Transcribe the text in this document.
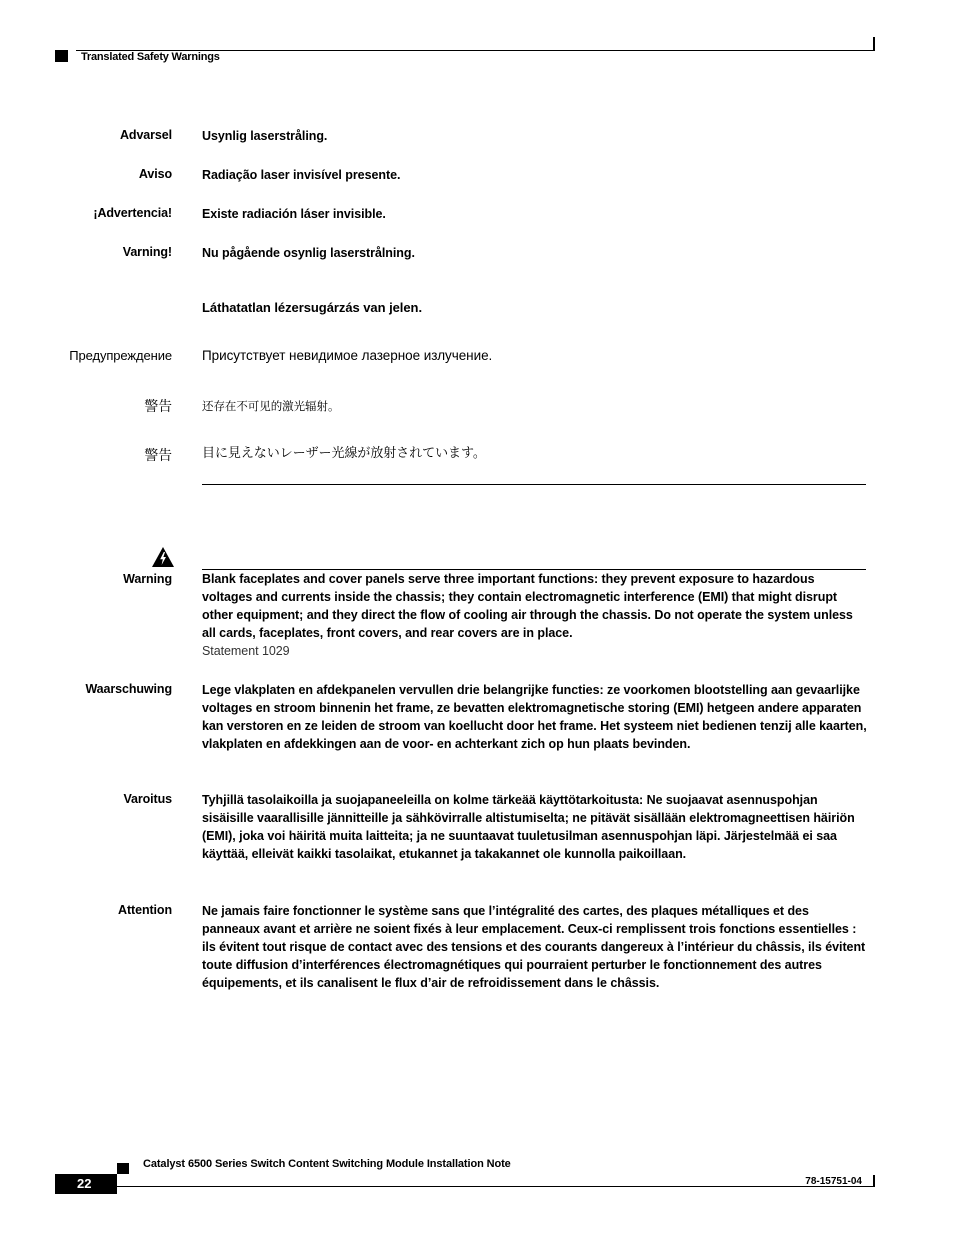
Translated Safety Warnings
Advarsel Usynlig laserstråling.
Aviso Radiação laser invisível presente.
¡Advertencia! Existe radiación láser invisible.
Varning! Nu pågående osynlig laserstrålning.
Láthatatlan lézersugárzás van jelen.
Предупреждение Присутствует невидимое лазерное излучение.
警告	还存在不可见的激光辐射。
警告 目に見えないレーザー光線が放射されています。
Warning Blank faceplates and cover panels serve three important functions: they prevent exposure to hazardous voltages and currents inside the chassis; they contain electromagnetic interference (EMI) that might disrupt other equipment; and they direct the flow of cooling air through the chassis. Do not operate the system unless all cards, faceplates, front covers, and rear covers are in place.
Statement 1029
Waarschuwing Lege vlakplaten en afdekpanelen vervullen drie belangrijke functies: ze voorkomen blootstelling aan gevaarlijke voltages en stroom binnenin het frame, ze bevatten elektromagnetische storing (EMI) hetgeen andere apparaten kan verstoren en ze leiden de stroom van koellucht door het frame. Het systeem niet bedienen tenzij alle kaarten, vlakplaten en afdekkingen aan de voor- en achterkant zich op hun plaats bevinden.
Varoitus Tyhjillä tasolaikoilla ja suojapaneeleilla on kolme tärkeää käyttötarkoitusta: Ne suojaavat asennuspohjan sisäisille vaarallisille jännitteille ja sähkövirralle altistumiselta; ne pitävät sisällään elektromagneettisen häiriön (EMI), joka voi häiritä muita laitteita; ja ne suuntaavat tuuletusilman asennuspohjan läpi. Järjestelmää ei saa käyttää, elleivät kaikki tasolaikat, etukannet ja takakannet ole kunnolla paikoillaan.
Attention Ne jamais faire fonctionner le système sans que l’intégralité des cartes, des plaques métalliques et des panneaux avant et arrière ne soient fixés à leur emplacement. Ceux-ci remplissent trois fonctions essentielles : ils évitent tout risque de contact avec des tensions et des courants dangereux à l’intérieur du châssis, ils évitent toute diffusion d’interférences électromagnétiques qui pourraient perturber le fonctionnement des autres équipements, et ils canalisent le flux d’air de refroidissement dans le châssis.
Catalyst 6500 Series Switch Content Switching Module Installation Note
22	78-15751-04
